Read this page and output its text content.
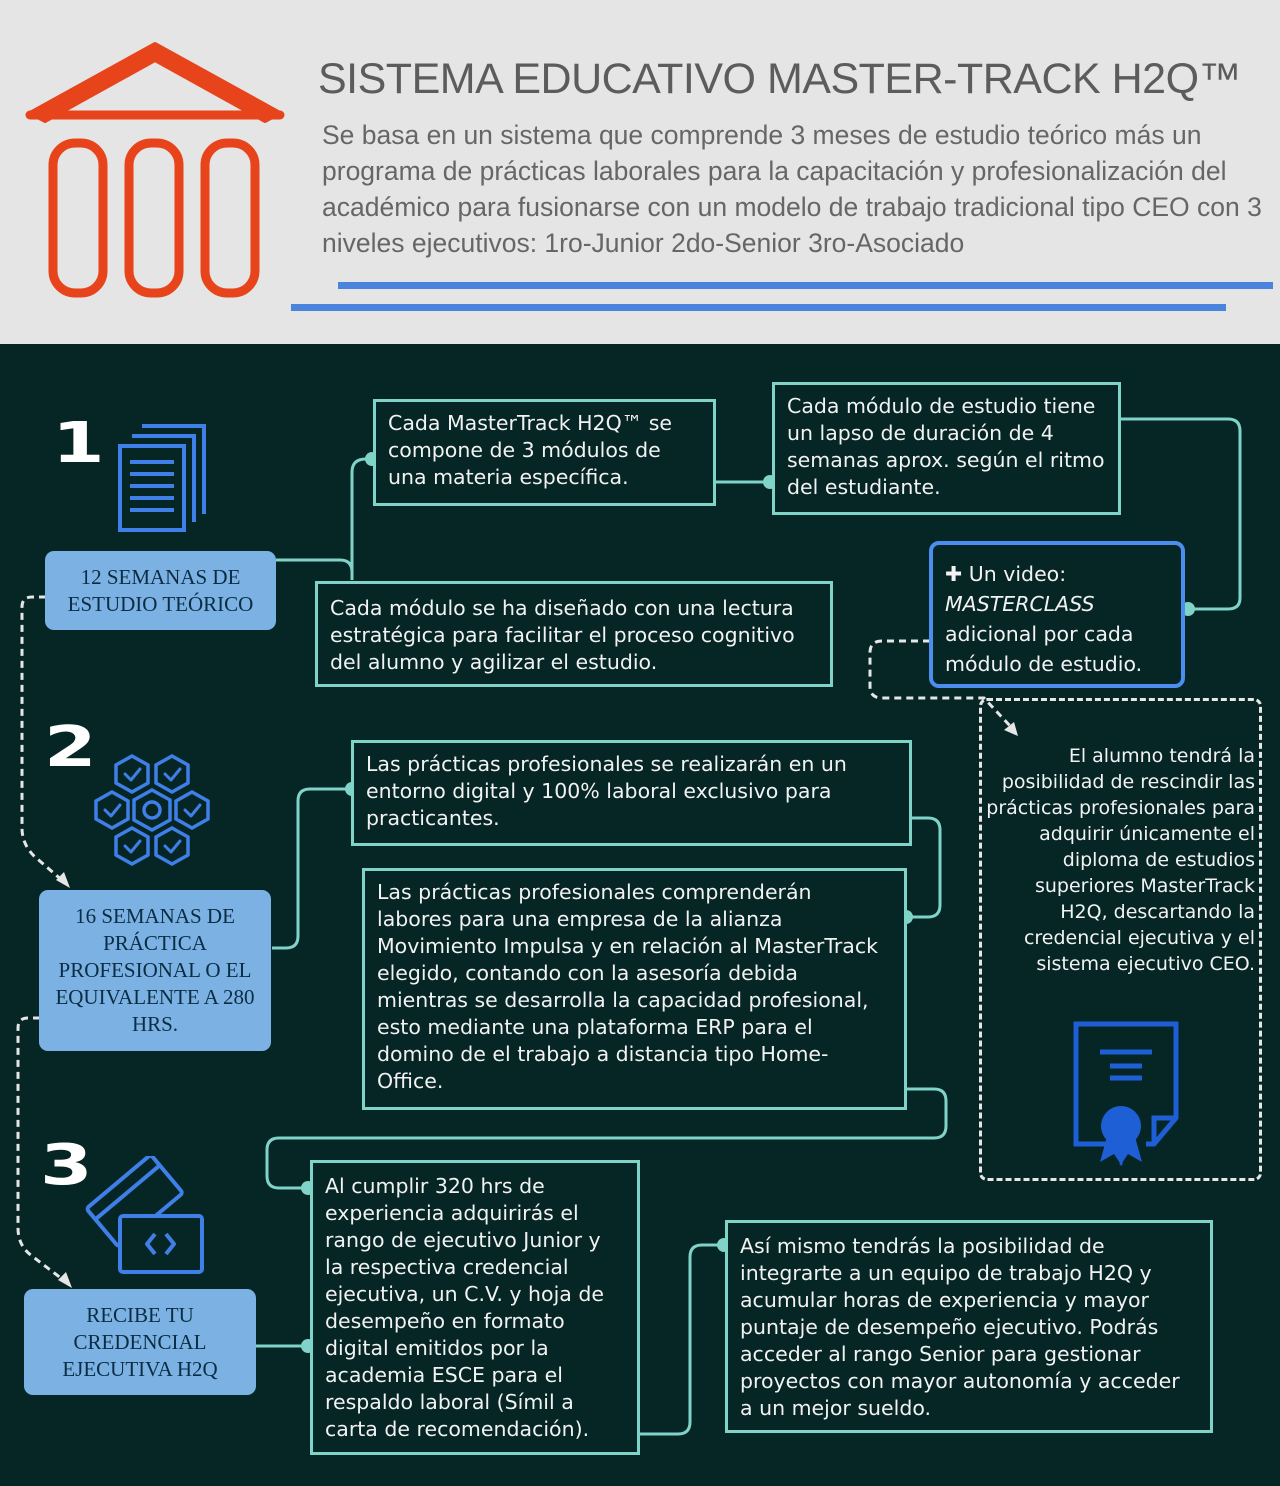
SISTEMA EDUCATIVO MASTER-TRACK H2Q™

Se basa en un sistema que comprende 3 meses de estudio teórico más un programa de prácticas laborales para la capacitación y profesionalización del académico para fusionarse con un modelo de trabajo tradicional tipo CEO con 3 niveles ejecutivos: 1ro-Junior 2do-Senior 3ro-Asociado

1
12 SEMANAS DE ESTUDIO TEÓRICO
Cada MasterTrack H2Q™ se compone de 3 módulos de una materia específica.
Cada módulo de estudio tiene un lapso de duración de 4 semanas aprox. según el ritmo del estudiante.
Cada módulo se ha diseñado con una lectura estratégica para facilitar el proceso cognitivo del alumno y agilizar el estudio.
✚ Un video:
MASTERCLASS
adicional por cada módulo de estudio.
2
16 SEMANAS DE PRÁCTICA PROFESIONAL O EL EQUIVALENTE A 280 HRS.
Las prácticas profesionales se realizarán en un entorno digital y 100% laboral exclusivo para practicantes.
Las prácticas profesionales comprenderán labores para una empresa de la alianza Movimiento Impulsa y en relación al MasterTrack elegido, contando con la asesoría debida mientras se desarrolla la capacidad profesional, esto mediante una plataforma ERP para el domino de el trabajo a distancia tipo Home-Office.

El alumno tendrá la posibilidad de rescindir las prácticas profesionales para adquirir únicamente el diploma de estudios superiores MasterTrack H2Q, descartando la credencial ejecutiva y el sistema ejecutivo CEO.

3
RECIBE TU CREDENCIAL EJECUTIVA H2Q
Al cumplir 320 hrs de experiencia adquirirás el rango de ejecutivo Junior y la respectiva credencial ejecutiva, un C.V. y hoja de desempeño en formato digital emitidos por la academia ESCE para el respaldo laboral (Símil a carta de recomendación).
Así mismo tendrás la posibilidad de integrarte a un equipo de trabajo H2Q y acumular horas de experiencia y mayor puntaje de desempeño ejecutivo. Podrás acceder al rango Senior para gestionar proyectos con mayor autonomía y acceder a un mejor sueldo.
